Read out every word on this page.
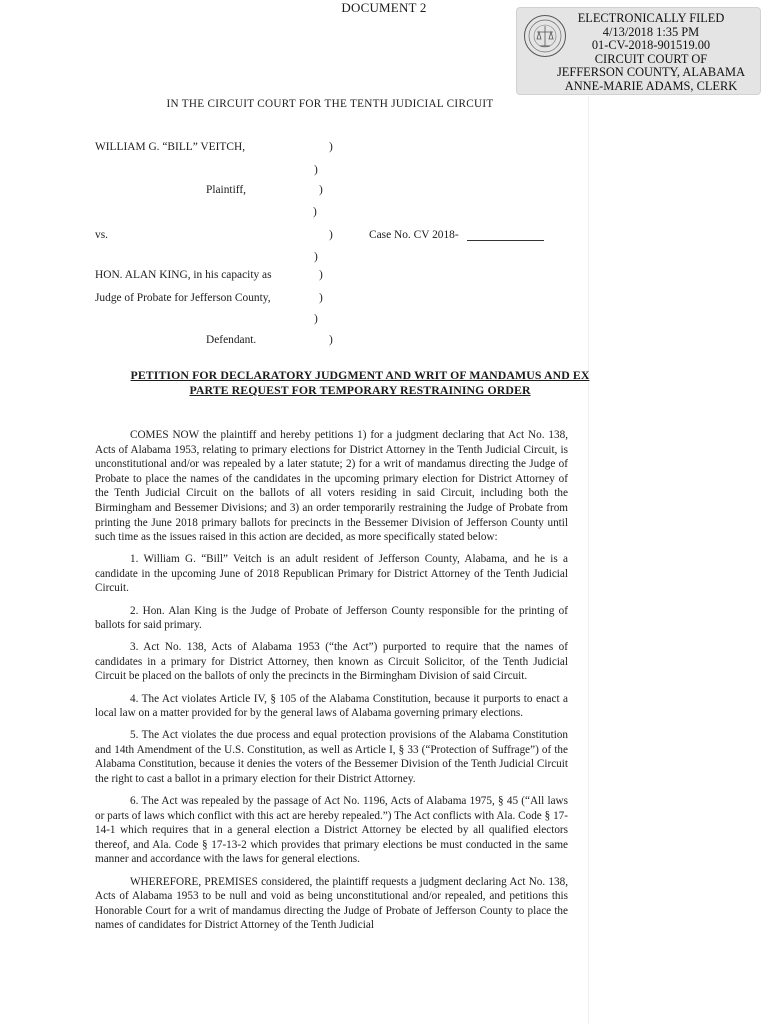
DOCUMENT 2
ELECTRONICALLY FILED
4/13/2018 1:35 PM
01-CV-2018-901519.00
CIRCUIT COURT OF
JEFFERSON COUNTY, ALABAMA
ANNE-MARIE ADAMS, CLERK
IN THE CIRCUIT COURT FOR THE TENTH JUDICIAL CIRCUIT
WILLIAM G. “BILL” VEITCH,	)
)
Plaintiff,	)
)
vs.	)	Case No. CV 2018-
)
HON. ALAN KING, in his capacity as	)
Judge of Probate for Jefferson County,	)
)
Defendant.	)
PETITION FOR DECLARATORY JUDGMENT AND WRIT OF MANDAMUS AND EX
PARTE REQUEST FOR TEMPORARY RESTRAINING ORDER

COMES NOW the plaintiff and hereby petitions 1) for a judgment declaring that Act No. 138, Acts of Alabama 1953, relating to primary elections for District Attorney in the Tenth Judicial Circuit, is unconstitutional and/or was repealed by a later statute; 2) for a writ of mandamus directing the Judge of Probate to place the names of the candidates in the upcoming primary election for District Attorney of the Tenth Judicial Circuit on the ballots of all voters residing in said Circuit, including both the Birmingham and Bessemer Divisions; and 3) an order temporarily restraining the Judge of Probate from printing the June 2018 primary ballots for precincts in the Bessemer Division of Jefferson County until such time as the issues raised in this action are decided, as more specifically stated below:

1. William G. “Bill” Veitch is an adult resident of Jefferson County, Alabama, and he is a candidate in the upcoming June of 2018 Republican Primary for District Attorney of the Tenth Judicial Circuit.

2. Hon. Alan King is the Judge of Probate of Jefferson County responsible for the printing of ballots for said primary.

3. Act No. 138, Acts of Alabama 1953 (“the Act”) purported to require that the names of candidates in a primary for District Attorney, then known as Circuit Solicitor, of the Tenth Judicial Circuit be placed on the ballots of only the precincts in the Birmingham Division of said Circuit.

4. The Act violates Article IV, § 105 of the Alabama Constitution, because it purports to enact a local law on a matter provided for by the general laws of Alabama governing primary elections.

5. The Act violates the due process and equal protection provisions of the Alabama Constitution and 14th Amendment of the U.S. Constitution, as well as Article I, § 33 (“Protection of Suffrage”) of the Alabama Constitution, because it denies the voters of the Bessemer Division of the Tenth Judicial Circuit the right to cast a ballot in a primary election for their District Attorney.

6. The Act was repealed by the passage of Act No. 1196, Acts of Alabama 1975, § 45 (“All laws or parts of laws which conflict with this act are hereby repealed.”) The Act conflicts with Ala. Code § 17-14-1 which requires that in a general election a District Attorney be elected by all qualified electors thereof, and Ala. Code § 17-13-2 which provides that primary elections be must conducted in the same manner and accordance with the laws for general elections.

WHEREFORE, PREMISES considered, the plaintiff requests a judgment declaring Act No. 138, Acts of Alabama 1953 to be null and void as being unconstitutional and/or repealed, and petitions this Honorable Court for a writ of mandamus directing the Judge of Probate of Jefferson County to place the names of candidates for District Attorney of the Tenth Judicial
